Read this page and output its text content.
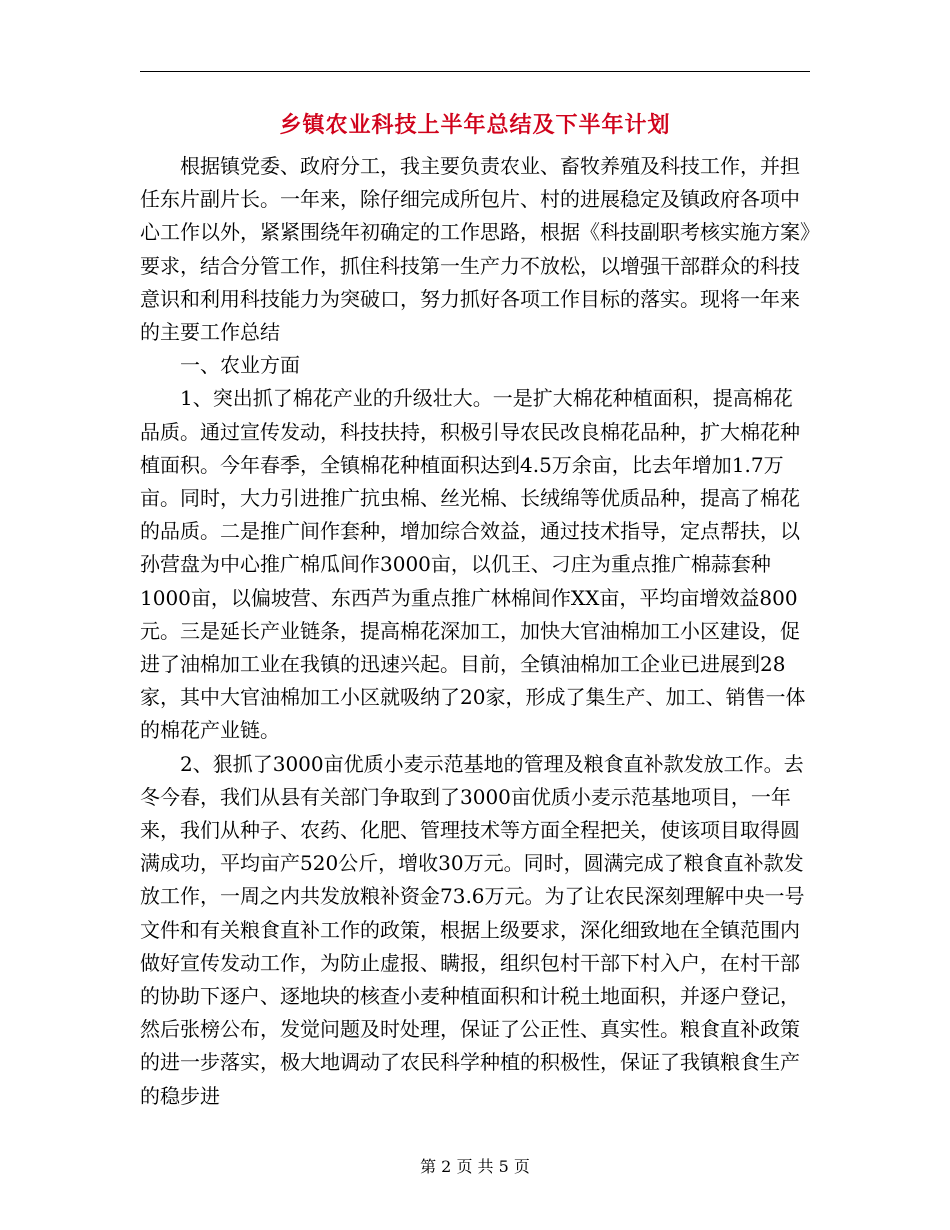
乡镇农业科技上半年总结及下半年计划

根据镇党委、政府分工，我主要负责农业、畜牧养殖及科技工作，并担任东片副片长。一年来，除仔细完成所包片、村的进展稳定及镇政府各项中心工作以外，紧紧围绕年初确定的工作思路，根据《科技副职考核实施方案》要求，结合分管工作，抓住科技第一生产力不放松，以增强干部群众的科技意识和利用科技能力为突破口，努力抓好各项工作目标的落实。现将一年来的主要工作总结

一、农业方面

1、突出抓了棉花产业的升级壮大。一是扩大棉花种植面积，提高棉花品质。通过宣传发动，科技扶持，积极引导农民改良棉花品种，扩大棉花种植面积。今年春季，全镇棉花种植面积达到4.5万余亩，比去年增加1.7万亩。同时，大力引进推广抗虫棉、丝光棉、长绒绵等优质品种，提高了棉花的品质。二是推广间作套种，增加综合效益，通过技术指导，定点帮扶，以孙营盘为中心推广棉瓜间作3000亩，以仉王、刁庄为重点推广棉蒜套种1000亩，以偏坡营、东西芦为重点推广林棉间作XX亩，平均亩增效益800元。三是延长产业链条，提高棉花深加工，加快大官油棉加工小区建设，促进了油棉加工业在我镇的迅速兴起。目前，全镇油棉加工企业已进展到28家，其中大官油棉加工小区就吸纳了20家，形成了集生产、加工、销售一体的棉花产业链。

2、狠抓了3000亩优质小麦示范基地的管理及粮食直补款发放工作。去冬今春，我们从县有关部门争取到了3000亩优质小麦示范基地项目，一年来，我们从种子、农药、化肥、管理技术等方面全程把关，使该项目取得圆满成功，平均亩产520公斤，增收30万元。同时，圆满完成了粮食直补款发放工作，一周之内共发放粮补资金73.6万元。为了让农民深刻理解中央一号文件和有关粮食直补工作的政策，根据上级要求，深化细致地在全镇范围内做好宣传发动工作，为防止虚报、瞒报，组织包村干部下村入户，在村干部的协助下逐户、逐地块的核查小麦种植面积和计税土地面积，并逐户登记，然后张榜公布，发觉问题及时处理，保证了公正性、真实性。粮食直补政策的进一步落实，极大地调动了农民科学种植的积极性，保证了我镇粮食生产的稳步进

第 2 页 共 5 页
